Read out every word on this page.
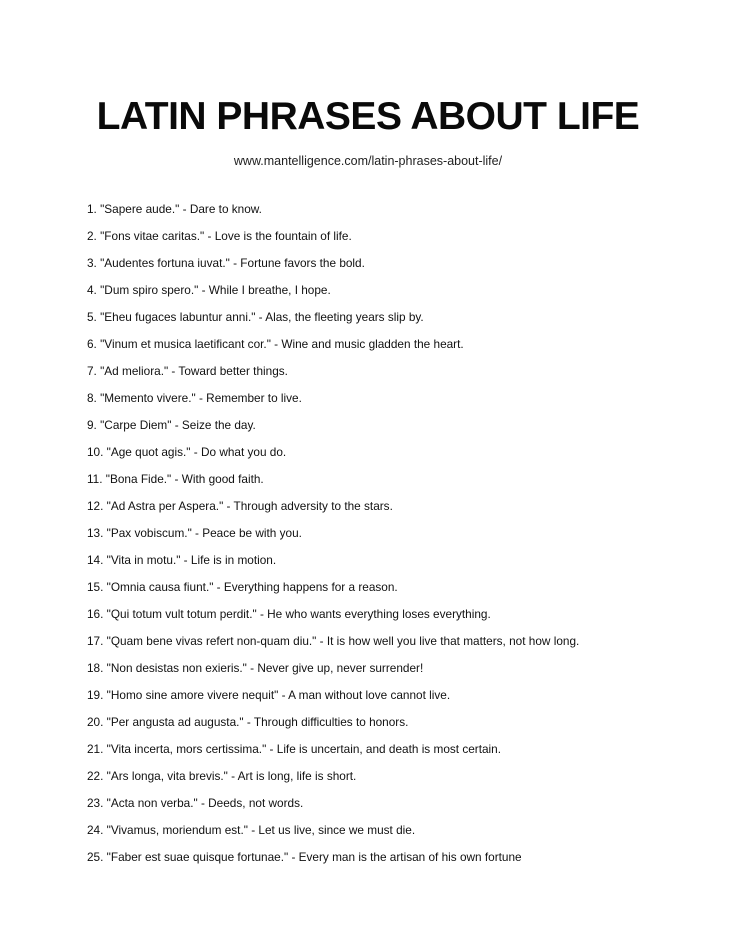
LATIN PHRASES ABOUT LIFE
www.mantelligence.com/latin-phrases-about-life/
1. "Sapere aude." - Dare to know.
2. "Fons vitae caritas." - Love is the fountain of life.
3. "Audentes fortuna iuvat." - Fortune favors the bold.
4. "Dum spiro spero." - While I breathe, I hope.
5. "Eheu fugaces labuntur anni." - Alas, the fleeting years slip by.
6. "Vinum et musica laetificant cor." - Wine and music gladden the heart.
7. "Ad meliora." - Toward better things.
8. "Memento vivere." - Remember to live.
9. "Carpe Diem" - Seize the day.
10. "Age quot agis." - Do what you do.
11. "Bona Fide." - With good faith.
12. "Ad Astra per Aspera." - Through adversity to the stars.
13. "Pax vobiscum." - Peace be with you.
14. "Vita in motu." - Life is in motion.
15. "Omnia causa fiunt." - Everything happens for a reason.
16. "Qui totum vult totum perdit." - He who wants everything loses everything.
17. "Quam bene vivas refert non-quam diu." - It is how well you live that matters, not how long.
18. "Non desistas non exieris." - Never give up, never surrender!
19. "Homo sine amore vivere nequit" - A man without love cannot live.
20. "Per angusta ad augusta." - Through difficulties to honors.
21. "Vita incerta, mors certissima." - Life is uncertain, and death is most certain.
22. "Ars longa, vita brevis." - Art is long, life is short.
23. "Acta non verba." - Deeds, not words.
24. "Vivamus, moriendum est." - Let us live, since we must die.
25. "Faber est suae quisque fortunae." - Every man is the artisan of his own fortune
